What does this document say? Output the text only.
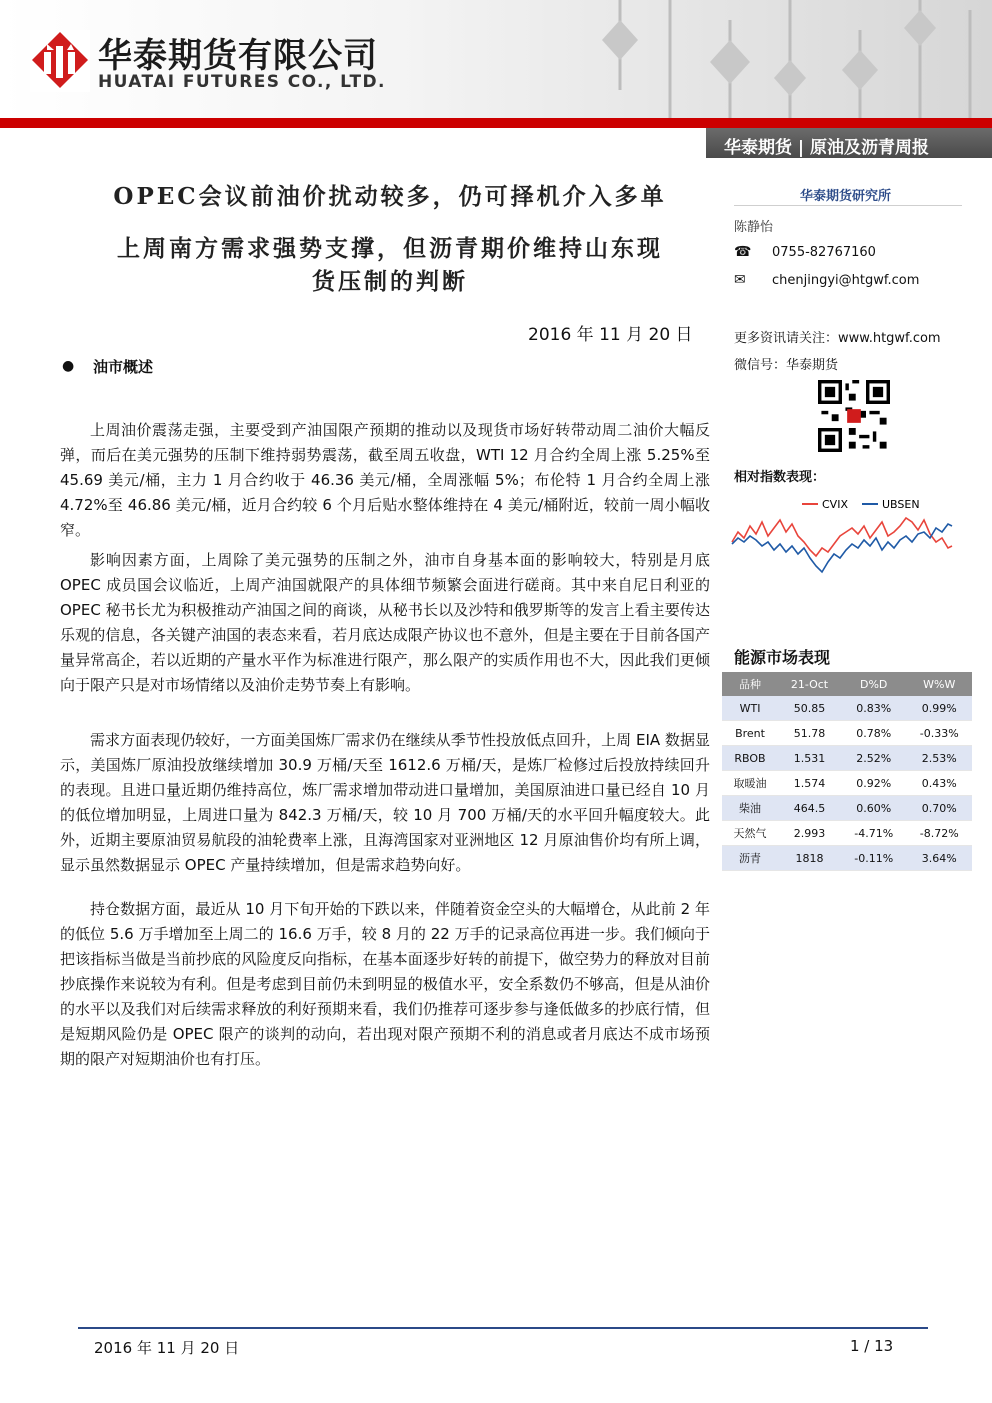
华泰期货有限公司
HUATAI FUTURES CO., LTD.
华泰期货 | 原油及沥青周报
OPEC会议前油价扰动较多，仍可择机介入多单
上周南方需求强势支撑，但沥青期价维持山东现
货压制的判断
2016 年 11 月 20 日
● 油市概述

上周油价震荡走强，主要受到产油国限产预期的推动以及现货市场好转带动周二油价大幅反弹，而后在美元强势的压制下维持弱势震荡，截至周五收盘，WTI 12 月合约全周上涨 5.25%至 45.69 美元/桶，主力 1 月合约收于 46.36 美元/桶，全周涨幅 5%；布伦特 1 月合约全周上涨 4.72%至 46.86 美元/桶，近月合约较 6 个月后贴水整体维持在 4 美元/桶附近，较前一周小幅收窄。

影响因素方面，上周除了美元强势的压制之外，油市自身基本面的影响较大，特别是月底 OPEC 成员国会议临近，上周产油国就限产的具体细节频繁会面进行磋商。其中来自尼日利亚的 OPEC 秘书长尤为积极推动产油国之间的商谈，从秘书长以及沙特和俄罗斯等的发言上看主要传达乐观的信息，各关键产油国的表态来看，若月底达成限产协议也不意外，但是主要在于目前各国产量异常高企，若以近期的产量水平作为标准进行限产，那么限产的实质作用也不大，因此我们更倾向于限产只是对市场情绪以及油价走势节奏上有影响。

需求方面表现仍较好，一方面美国炼厂需求仍在继续从季节性投放低点回升，上周 EIA 数据显示，美国炼厂原油投放继续增加 30.9 万桶/天至 1612.6 万桶/天，是炼厂检修过后投放持续回升的表现。且进口量近期仍维持高位，炼厂需求增加带动进口量增加，美国原油进口量已经自 10 月的低位增加明显，上周进口量为 842.3 万桶/天，较 10 月 700 万桶/天的水平回升幅度较大。此外，近期主要原油贸易航段的油轮费率上涨，且海湾国家对亚洲地区 12 月原油售价均有所上调，显示虽然数据显示 OPEC 产量持续增加，但是需求趋势向好。

持仓数据方面，最近从 10 月下旬开始的下跌以来，伴随着资金空头的大幅增仓，从此前 2 年的低位 5.6 万手增加至上周二的 16.6 万手，较 8 月的 22 万手的记录高位再进一步。我们倾向于把该指标当做是当前抄底的风险度反向指标，在基本面逐步好转的前提下，做空势力的释放对目前抄底操作来说较为有利。但是考虑到目前仍未到明显的极值水平，安全系数仍不够高，但是从油价的水平以及我们对后续需求释放的利好预期来看，我们仍推荐可逐步参与逢低做多的抄底行情，但是短期风险仍是 OPEC 限产的谈判的动向，若出现对限产预期不利的消息或者月底达不成市场预期的限产对短期油价也有打压。

华泰期货研究所
陈静怡
☎ 0755-82767160
✉ chenjingyi@htgwf.com
更多资讯请关注：www.htgwf.com
微信号：华泰期货
相对指数表现：
CVIX	UBSEN
能源市场表现
品种	21-Oct	D%D	W%W
WTI	50.85	0.83%	0.99%
Brent	51.78	0.78%	-0.33%
RBOB	1.531	2.52%	2.53%
取暖油	1.574	0.92%	0.43%
柴油	464.5	0.60%	0.70%
天然气	2.993	-4.71%	-8.72%
沥青	1818	-0.11%	3.64%
2016 年 11 月 20 日	1 / 13
